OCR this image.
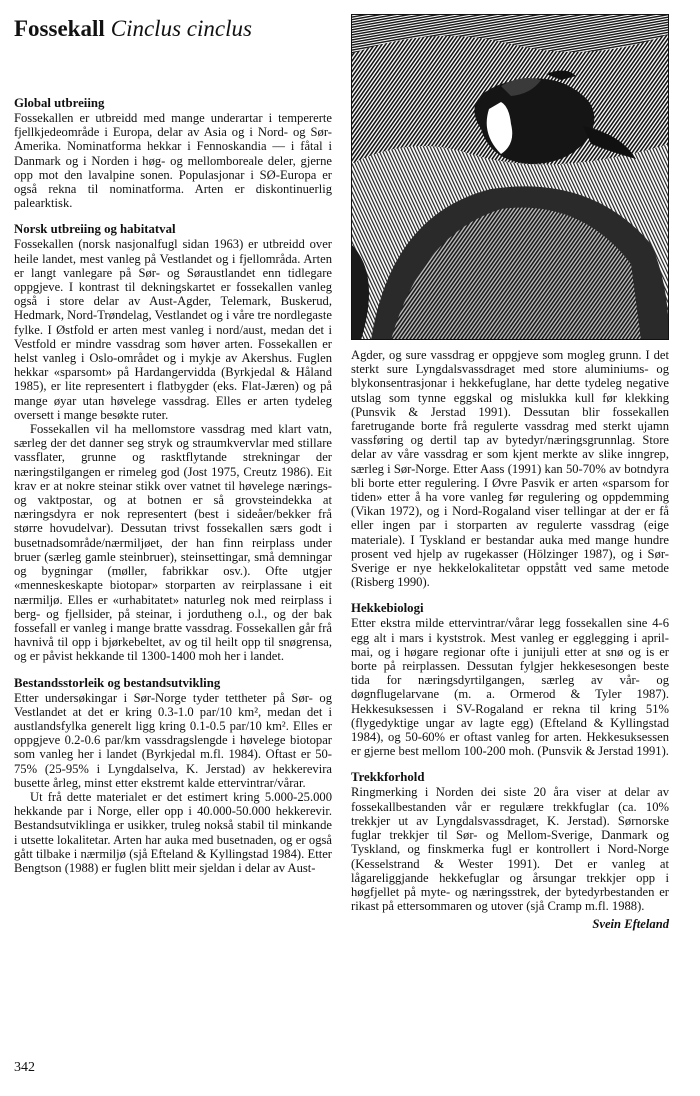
Fossekall Cinclus cinclus
Global utbreiing

Fossekallen er utbreidd med mange underartar i tempererte fjellkjedeområde i Europa, delar av Asia og i Nord- og Sør-Amerika. Nominatforma hekkar i Fennoskandia — i fåtal i Danmark og i Norden i høg- og mellomboreale deler, gjerne opp mot den lavalpine sonen. Populasjonar i SØ-Europa er også rekna til nominatforma. Arten er diskontinuerlig palearktisk.

Norsk utbreiing og habitatval

Fossekallen (norsk nasjonalfugl sidan 1963) er utbreidd over heile landet, mest vanleg på Vestlandet og i fjellområda. Arten er langt vanlegare på Sør- og Søraustlandet enn tidlegare oppgjeve. I kontrast til dekningskartet er fossekallen vanleg også i store delar av Aust-Agder, Telemark, Buskerud, Hedmark, Nord-Trøndelag, Vestlandet og i våre tre nordlegaste fylke. I Østfold er arten mest vanleg i nord/aust, medan det i Vestfold er mindre vassdrag som høver arten. Fossekallen er helst vanleg i Oslo-området og i mykje av Akershus. Fuglen hekkar «sparsomt» på Hardangervidda (Byrkjedal & Håland 1985), er lite representert i flatbygder (eks. Flat-Jæren) og på mange øyar utan høvelege vassdrag. Elles er arten tydeleg oversett i mange besøkte ruter.

Fossekallen vil ha mellomstore vassdrag med klart vatn, særleg der det danner seg stryk og straumkvervlar med stillare vassflater, grunne og rasktflytande strekningar der næringstilgangen er rimeleg god (Jost 1975, Creutz 1986). Eit krav er at nokre steinar stikk over vatnet til høvelege nærings- og vaktpostar, og at botnen er så grovsteindekka at næringsdyra er nok representert (best i sideåer/bekker frå større hovudelvar). Dessutan trivst fossekallen særs godt i busetnadsområde/nærmiljøet, der han finn reirplass under bruer (særleg gamle steinbruer), steinsettingar, små demningar og bygningar (møller, fabrikkar osv.). Ofte utgjer «menneskeskapte biotopar» storparten av reirplassane i eit nærmiljø. Elles er «urhabitatet» naturleg nok med reirplass i berg- og fjellsider, på steinar, i jordutheng o.l., og der bak fossefall er vanleg i mange bratte vassdrag. Fossekallen går frå havnivå til opp i bjørkebeltet, av og til heilt opp til snøgrensa, og er påvist hekkande til 1300-1400 moh her i landet.

Bestandsstorleik og bestandsutvikling

Etter undersøkingar i Sør-Norge tyder tettheter på Sør- og Vestlandet at det er kring 0.3-1.0 par/10 km², medan det i austlandsfylka generelt ligg kring 0.1-0.5 par/10 km². Elles er oppgjeve 0.2-0.6 par/km vassdragslengde i høvelege biotopar som vanleg her i landet (Byrkjedal m.fl. 1984). Oftast er 50-75% (25-95% i Lyngdalselva, K. Jerstad) av hekkerevira busette årleg, minst etter ekstremt kalde ettervintrar/vårar.

Ut frå dette materialet er det estimert kring 5.000-25.000 hekkande par i Norge, eller opp i 40.000-50.000 hekkerevir. Bestandsutviklinga er usikker, truleg nokså stabil til minkande i utsette lokalitetar. Arten har auka med busetnaden, og er også gått tilbake i nærmiljø (sjå Efteland & Kyllingstad 1984). Etter Bengtson (1988) er fuglen blitt meir sjeldan i delar av Aust-

Agder, og sure vassdrag er oppgjeve som mogleg grunn. I det sterkt sure Lyngdalsvassdraget med store aluminiums- og blykonsentrasjonar i hekkefuglane, har dette tydeleg negative utslag som tynne eggskal og mislukka kull før klekking (Punsvik & Jerstad 1991). Dessutan blir fossekallen faretrugande borte frå regulerte vassdrag med sterkt ujamn vassføring og dertil tap av bytedyr/næringsgrunnlag. Store delar av våre vassdrag er som kjent merkte av slike inngrep, særleg i Sør-Norge. Etter Aass (1991) kan 50-70% av botndyra bli borte etter regulering. I Øvre Pasvik er arten «sparsom for tiden» etter å ha vore vanleg før regulering og oppdemming (Vikan 1972), og i Nord-Rogaland viser tellingar at der er få eller ingen par i storparten av regulerte vassdrag (eige materiale). I Tyskland er bestandar auka med mange hundre prosent ved hjelp av rugekasser (Hölzinger 1987), og i Sør-Sverige er nye hekkelokalitetar oppstått ved same metode (Risberg 1990).

Hekkebiologi

Etter ekstra milde ettervintrar/vårar legg fossekallen sine 4-6 egg alt i mars i kyststrok. Mest vanleg er egglegging i april-mai, og i høgare regionar ofte i junijuli etter at snø og is er borte på reirplassen. Dessutan fylgjer hekkesesongen beste tida for næringsdyrtilgangen, særleg av vår- og døgnflugelarvane (m. a. Ormerod & Tyler 1987). Hekkesuksessen i SV-Rogaland er rekna til kring 51% (flygedyktige ungar av lagte egg) (Efteland & Kyllingstad 1984), og 50-60% er oftast vanleg for arten. Hekkesuksessen er gjerne best mellom 100-200 moh. (Punsvik & Jerstad 1991).

Trekkforhold

Ringmerking i Norden dei siste 20 åra viser at delar av fossekallbestanden vår er regulære trekkfuglar (ca. 10% trekkjer ut av Lyngdalsvassdraget, K. Jerstad). Sørnorske fuglar trekkjer til Sør- og Mellom-Sverige, Danmark og Tyskland, og finskmerka fugl er kontrollert i Nord-Norge (Kesselstrand & Wester 1991). Det er vanleg at lågareliggjande hekkefuglar og årsungar trekkjer opp i høgfjellet på myte- og næringsstrek, der bytedyrbestanden er rikast på ettersommaren og utover (sjå Cramp m.fl. 1988).

Svein Efteland
342
